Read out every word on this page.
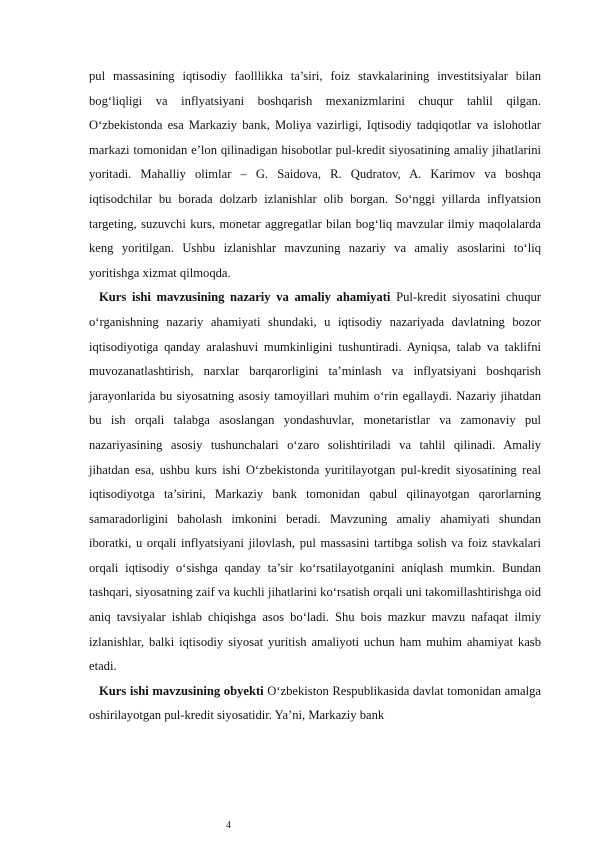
pul massasining iqtisodiy faolllikka ta’siri, foiz stavkalarining investitsiyalar bilan bog‘liqligi va inflyatsiyani boshqarish mexanizmlarini chuqur tahlil qilgan. O‘zbekistonda esa Markaziy bank, Moliya vazirligi, Iqtisodiy tadqiqotlar va islohotlar markazi tomonidan e’lon qilinadigan hisobotlar pul-kredit siyosatining amaliy jihatlarini yoritadi. Mahalliy olimlar – G. Saidova, R. Qudratov, A. Karimov va boshqa iqtisodchilar bu borada dolzarb izlanishlar olib borgan. So‘nggi yillarda inflyatsion targeting, suzuvchi kurs, monetar aggregatlar bilan bog‘liq mavzular ilmiy maqolalarda keng yoritilgan. Ushbu izlanishlar mavzuning nazariy va amaliy asoslarini to‘liq yoritishga xizmat qilmoqda.

Kurs ishi mavzusining nazariy va amaliy ahamiyati Pul-kredit siyosatini chuqur o‘rganishning nazariy ahamiyati shundaki, u iqtisodiy nazariyada davlatning bozor iqtisodiyotiga qanday aralashuvi mumkinligini tushuntiradi. Ayniqsa, talab va taklifni muvozanatlashtirish, narxlar barqarorligini ta’minlash va inflyatsiyani boshqarish jarayonlarida bu siyosatning asosiy tamoyillari muhim o‘rin egallaydi. Nazariy jihatdan bu ish orqali talabga asoslangan yondashuvlar, monetaristlar va zamonaviy pul nazariyasining asosiy tushunchalari o‘zaro solishtiriladi va tahlil qilinadi. Amaliy jihatdan esa, ushbu kurs ishi O‘zbekistonda yuritilayotgan pul-kredit siyosatining real iqtisodiyotga ta’sirini, Markaziy bank tomonidan qabul qilinayotgan qarorlarning samaradorligini baholash imkonini beradi. Mavzuning amaliy ahamiyati shundan iboratki, u orqali inflyatsiyani jilovlash, pul massasini tartibga solish va foiz stavkalari orqali iqtisodiy o‘sishga qanday ta’sir ko‘rsatilayotganini aniqlash mumkin. Bundan tashqari, siyosatning zaif va kuchli jihatlarini ko‘rsatish orqali uni takomillashtirishga oid aniq tavsiyalar ishlab chiqishga asos bo‘ladi. Shu bois mazkur mavzu nafaqat ilmiy izlanishlar, balki iqtisodiy siyosat yuritish amaliyoti uchun ham muhim ahamiyat kasb etadi.

Kurs ishi mavzusining obyekti O‘zbekiston Respublikasida davlat tomonidan amalga oshirilayotgan pul-kredit siyosatidir. Ya’ni, Markaziy bank

4
